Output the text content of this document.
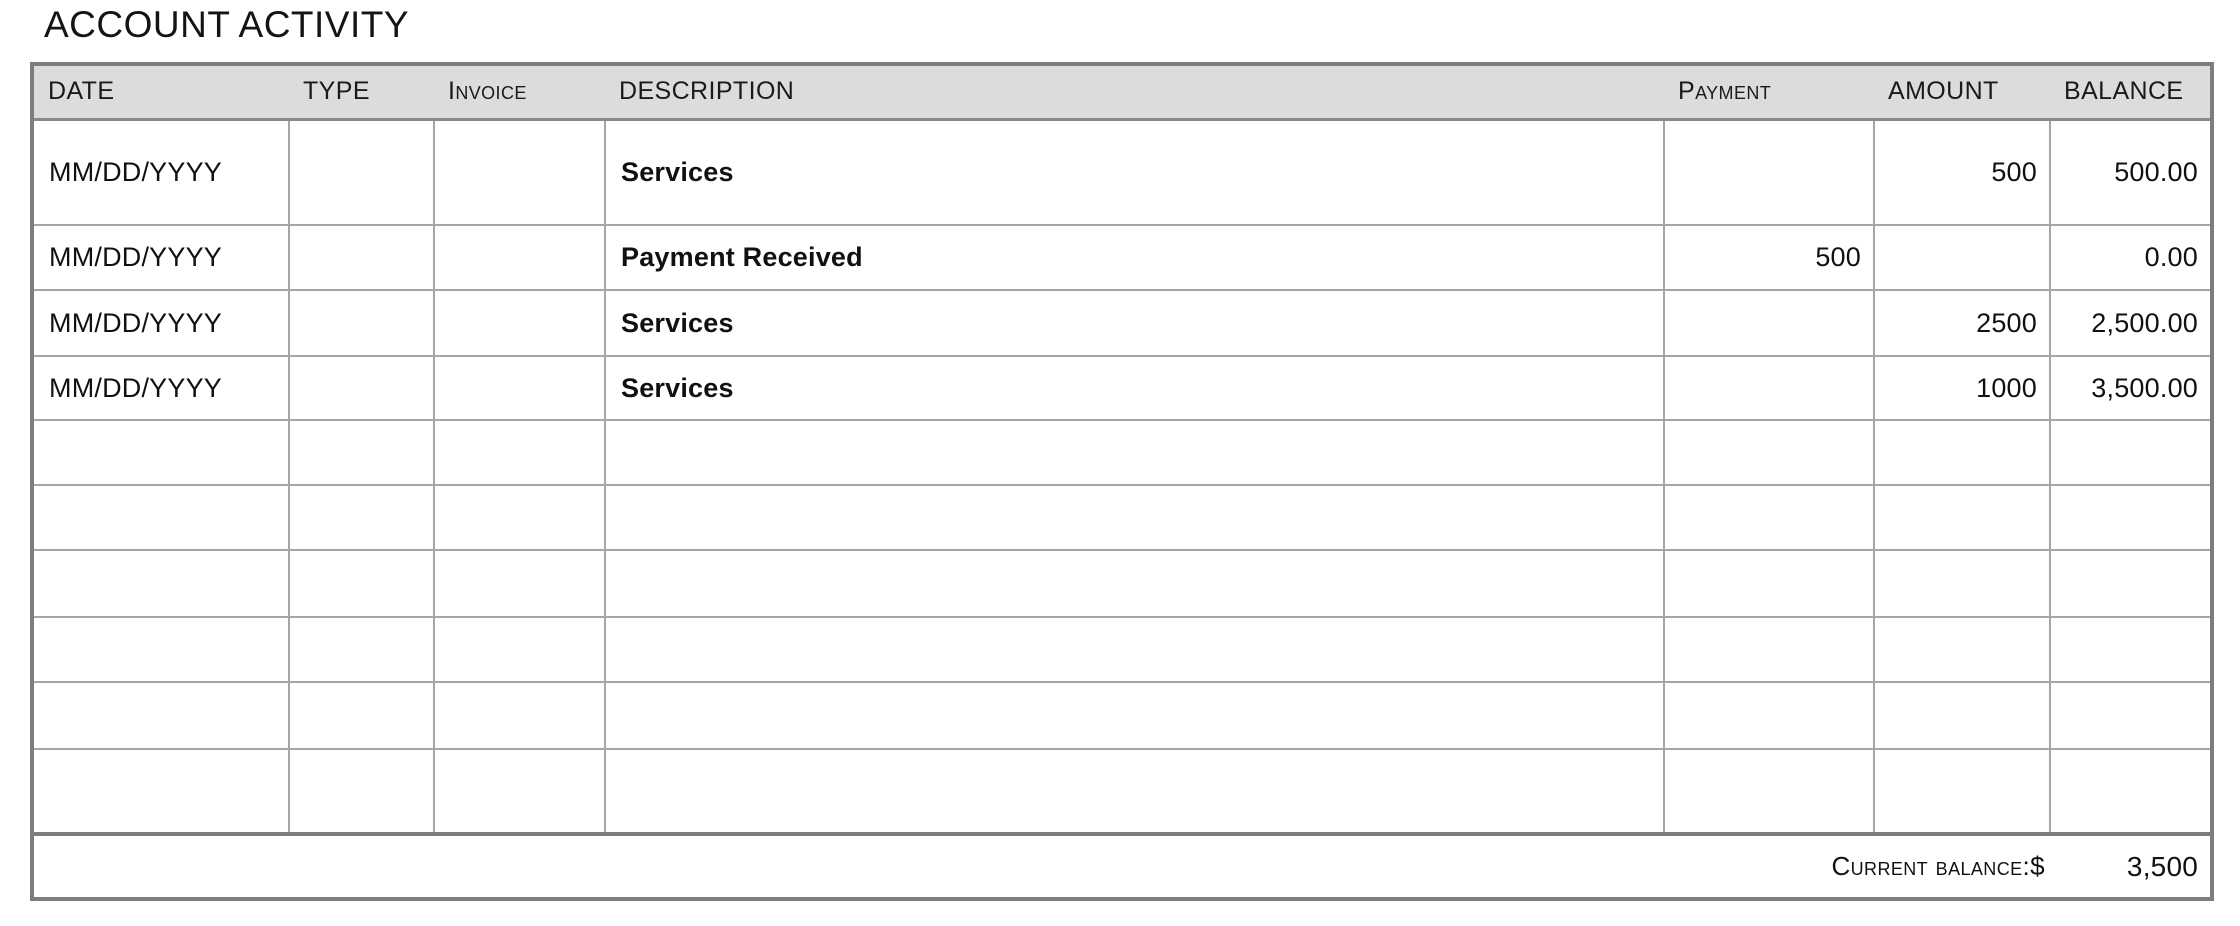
ACCOUNT ACTIVITY
DATE	TYPE	Invoice	DESCRIPTION	Payment	AMOUNT	BALANCE
MM/DD/YYYY			Services		500	500.00
MM/DD/YYYY			Payment Received	500		0.00
MM/DD/YYYY			Services		2500	2,500.00
MM/DD/YYYY			Services		1000	3,500.00

Current balance:$						3,500
